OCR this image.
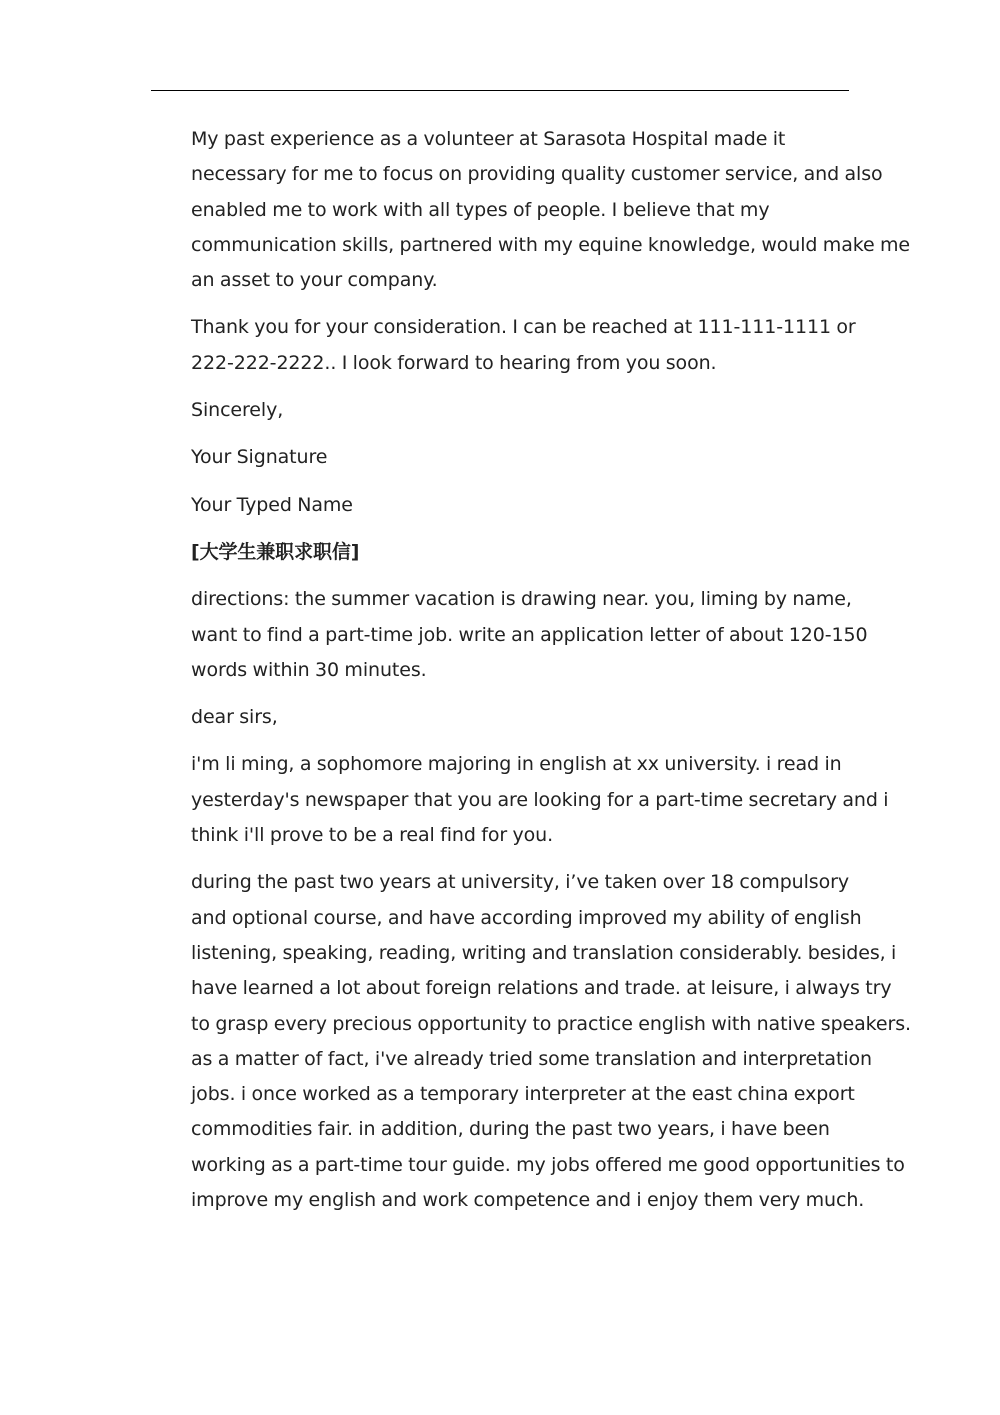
My past experience as a volunteer at Sarasota Hospital made it
necessary for me to focus on providing quality customer service, and also
enabled me to work with all types of people. I believe that my
communication skills, partnered with my equine knowledge, would make me
an asset to your company.

Thank you for your consideration. I can be reached at 111-111-1111 or
222-222-2222.. I look forward to hearing from you soon.

Sincerely,

Your Signature

Your Typed Name

[大学生兼职求职信]

directions: the summer vacation is drawing near. you, liming by name,
want to find a part-time job. write an application letter of about 120-150
words within 30 minutes.

dear sirs,

i'm li ming, a sophomore majoring in english at xx university. i read in
yesterday's newspaper that you are looking for a part-time secretary and i
think i'll prove to be a real find for you.

during the past two years at university, i’ve taken over 18 compulsory
and optional course, and have according improved my ability of english
listening, speaking, reading, writing and translation considerably. besides, i
have learned a lot about foreign relations and trade. at leisure, i always try
to grasp every precious opportunity to practice english with native speakers.
as a matter of fact, i've already tried some translation and interpretation
jobs. i once worked as a temporary interpreter at the east china export
commodities fair. in addition, during the past two years, i have been
working as a part-time tour guide. my jobs offered me good opportunities to
improve my english and work competence and i enjoy them very much.
